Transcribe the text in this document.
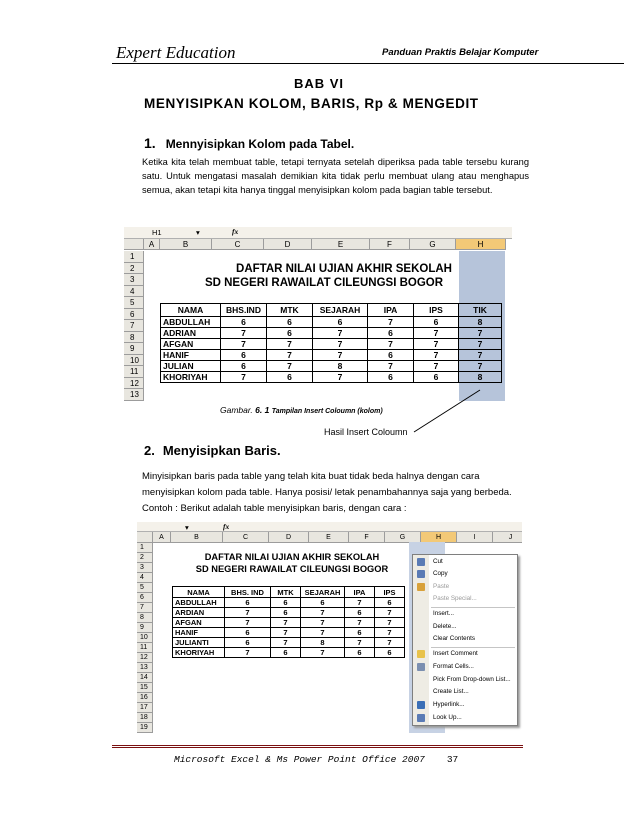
Expert Education	Panduan Praktis Belajar Komputer
BAB VI
MENYISIPKAN KOLOM, BARIS, Rp & MENGEDIT
1. Mennyisipkan Kolom pada Tabel.
Ketika kita telah membuat table, tetapi ternyata setelah diperiksa pada table tersebu kurang satu. Untuk mengatasi masalah demikian kita tidak perlu membuat ulang atau menghapus semua, akan tetapi kita hanya tinggal menyisipkan kolom pada bagian table tersebut.
H1	▾	fx
A	B	C	D	E	F	G	H
1
2
3
4
5
6
7
8
9
10
11
12
13
DAFTAR NILAI UJIAN AKHIR SEKOLAH
SD NEGERI RAWAILAT CILEUNGSI BOGOR
NAMA	BHS.IND	MTK	SEJARAH	IPA	IPS	TIK
ABDULLAH	6	6	6	7	6	8
ADRIAN	7	6	7	6	7	7
AFGAN	7	7	7	7	7	7
HANIF	6	7	7	6	7	7
JULIAN	6	7	8	7	7	7
KHORIYAH	7	6	7	6	6	8
Gambar. 6. 1 Tampilan Insert Coloumn (kolom)
Hasil Insert Coloumn
2. Menyisipkan Baris.
Minyisipkan baris pada table yang telah kita buat tidak beda halnya dengan cara
menyisipkan kolom pada table. Hanya posisi/ letak penambahannya saja yang berbeda.
Contoh : Berikut adalah table menyisipkan baris, dengan cara :
▾	fx
A	B	C	D	E	F	G	H	I	J
1
2
3
4
5
6
7
8
9
10
11
12
13
14
15
16
17
18
19
DAFTAR NILAI UJIAN AKHIR SEKOLAH
SD NEGERI RAWAILAT CILEUNGSI BOGOR
NAMA	BHS. IND	MTK	SEJARAH	IPA	IPS
ABDULLAH	6	6	6	7	6
ARDIAN	7	6	7	6	7
AFGAN	7	7	7	7	7
HANIF	6	7	7	6	7
JULIANTI	6	7	8	7	7
KHORIYAH	7	6	7	6	6
Cut
Copy
Paste
Paste Special...
Insert...
Delete...
Clear Contents
Insert Comment
Format Cells...
Pick From Drop-down List...
Create List...
Hyperlink...
Look Up...
Microsoft Excel & Ms Power Point Office 2007 37
